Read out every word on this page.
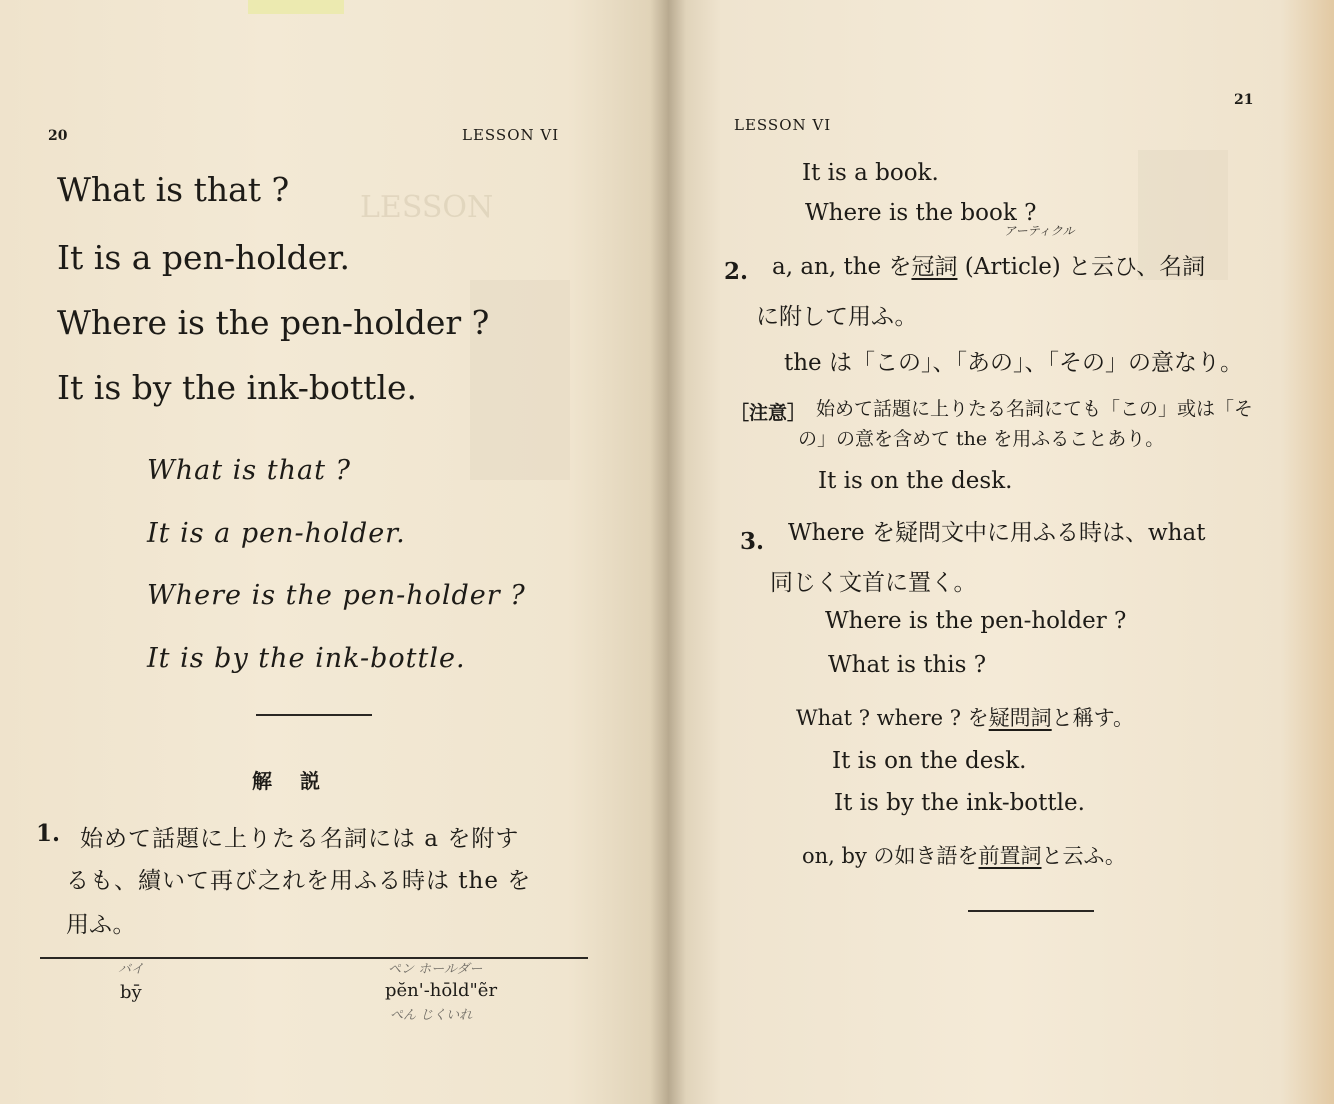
LESSON
20	LESSON VI
What is that ?
It is a pen-holder.
Where is the pen-holder ?
It is by the ink-bottle.
What is that ?
It is a pen-holder.
Where is the pen-holder ?
It is by the ink-bottle.
解　説
1. 始めて話題に上りたる名詞には a を附す
るも、續いて再び之れを用ふる時は the を
用ふ。
バイ	ペン ホールダー
bȳ	pĕn'-hōld"ẽr
ぺん じくいれ
21
LESSON VI
It is a book.
Where is the book ?
アーティクル
2. a, an, the を冠詞 (Article) と云ひ、名詞
に附して用ふ。
the は「この」、「あの」、「その」の意なり。
［注意］ 始めて話題に上りたる名詞にても「この」或は「そ
の」の意を含めて the を用ふることあり。
It is on the desk.
3. Where を疑問文中に用ふる時は、what
同じく文首に置く。
Where is the pen-holder ?
What is this ?
What ? where ? を疑問詞と稱す。
It is on the desk.
It is by the ink-bottle.
on, by の如き語を前置詞と云ふ。
